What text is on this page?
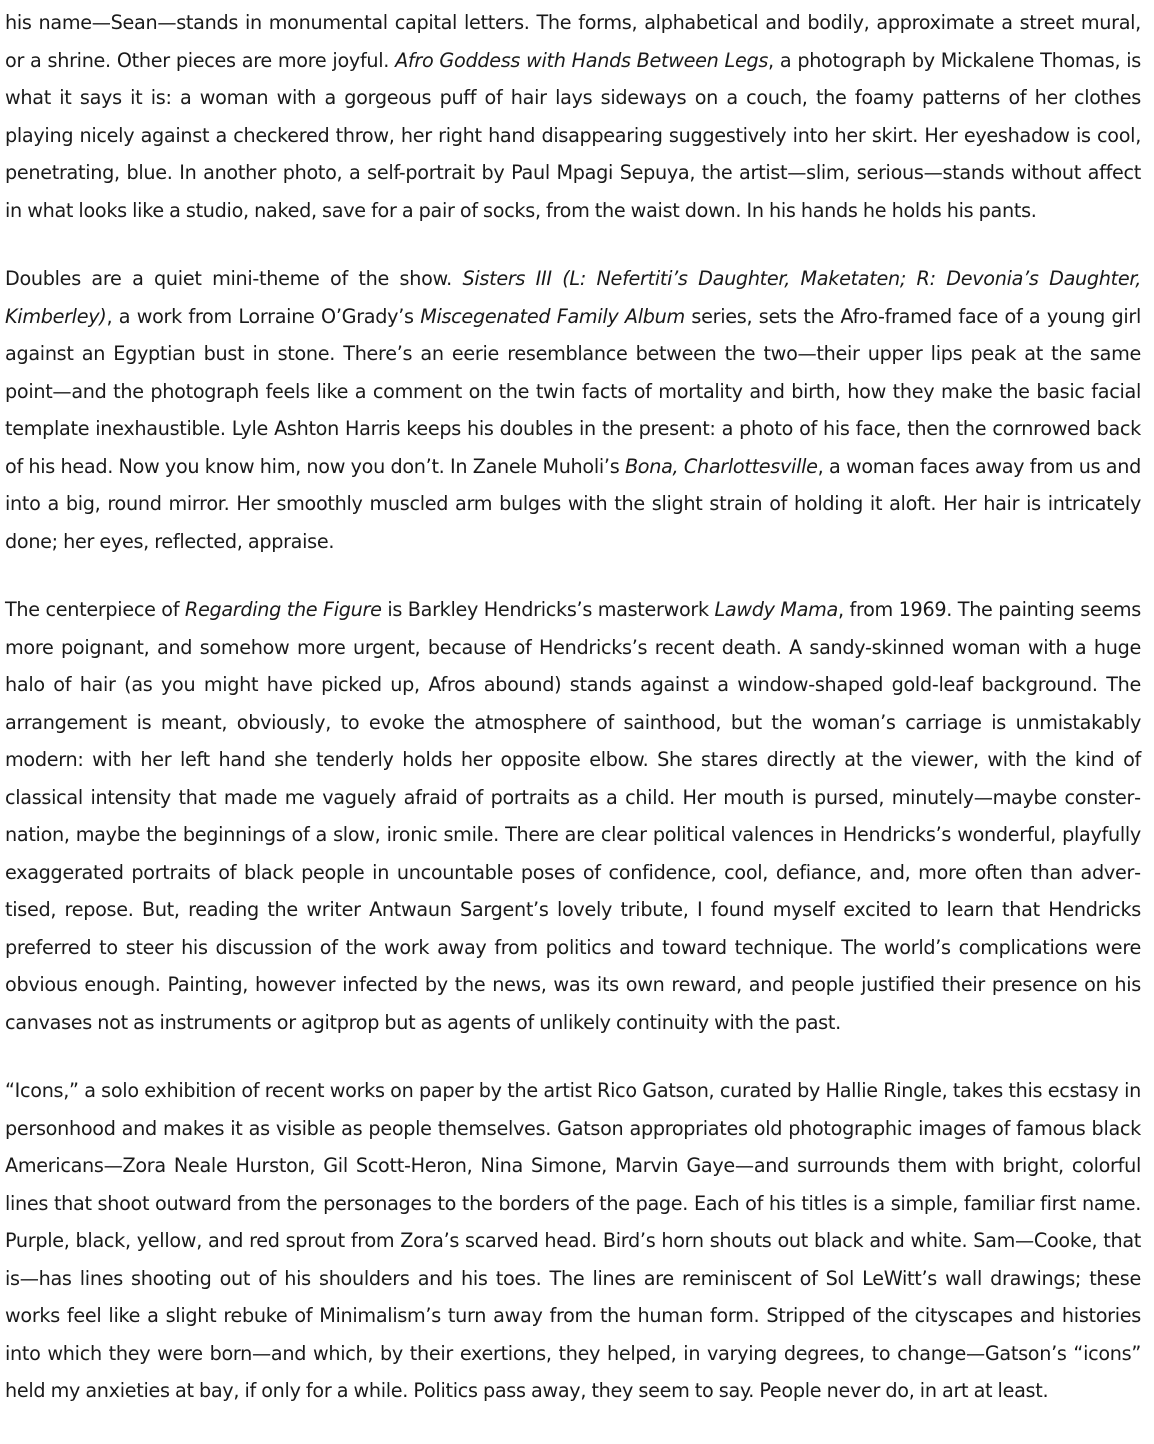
his name—Sean—stands in monumental capital letters. The forms, alphabetical and bodily, approximate a street mural, or a shrine. Other pieces are more joyful. Afro Goddess with Hands Between Legs, a photograph by Mickalene Thomas, is what it says it is: a woman with a gorgeous puff of hair lays sideways on a couch, the foamy patterns of her clothes playing nicely against a checkered throw, her right hand disappearing suggestively into her skirt. Her eyeshadow is cool, penetrating, blue. In another photo, a self-portrait by Paul Mpagi Sepuya, the artist—slim, serious—stands without affect in what looks like a studio, naked, save for a pair of socks, from the waist down. In his hands he holds his pants.

Doubles are a quiet mini-theme of the show. Sisters III (L: Nefertiti’s Daughter, Maketaten; R: Devonia’s Daughter, Kimberley), a work from Lorraine O’Grady’s Miscegenated Family Album series, sets the Afro-framed face of a young girl against an Egyptian bust in stone. There’s an eerie resemblance between the two—their upper lips peak at the same point—and the photograph feels like a comment on the twin facts of mortality and birth, how they make the basic facial template inexhaustible. Lyle Ashton Harris keeps his doubles in the present: a photo of his face, then the cornrowed back of his head. Now you know him, now you don’t. In Zanele Muholi’s Bona, Charlottesville, a woman faces away from us and into a big, round mirror. Her smoothly muscled arm bulges with the slight strain of holding it aloft. Her hair is intricately done; her eyes, reflected, appraise.

The centerpiece of Regarding the Figure is Barkley Hendricks’s masterwork Lawdy Mama, from 1969. The painting seems more poignant, and somehow more urgent, because of Hendricks’s recent death. A sandy-skinned woman with a huge halo of hair (as you might have picked up, Afros abound) stands against a window-shaped gold-leaf background. The arrangement is meant, obviously, to evoke the atmosphere of sainthood, but the woman’s carriage is unmistakably modern: with her left hand she tenderly holds her opposite elbow. She stares directly at the viewer, with the kind of classical intensity that made me vaguely afraid of portraits as a child. Her mouth is pursed, minutely—maybe consternation, maybe the beginnings of a slow, ironic smile. There are clear political valences in Hendricks’s wonderful, playfully exaggerated portraits of black people in uncountable poses of confidence, cool, defiance, and, more often than advertised, repose. But, reading the writer Antwaun Sargent’s lovely tribute, I found myself excited to learn that Hendricks preferred to steer his discussion of the work away from politics and toward technique. The world’s complications were obvious enough. Painting, however infected by the news, was its own reward, and people justified their presence on his canvases not as instruments or agitprop but as agents of unlikely continuity with the past.

“Icons,” a solo exhibition of recent works on paper by the artist Rico Gatson, curated by Hallie Ringle, takes this ecstasy in personhood and makes it as visible as people themselves. Gatson appropriates old photographic images of famous black Americans—Zora Neale Hurston, Gil Scott-Heron, Nina Simone, Marvin Gaye—and surrounds them with bright, colorful lines that shoot outward from the personages to the borders of the page. Each of his titles is a simple, familiar first name. Purple, black, yellow, and red sprout from Zora’s scarved head. Bird’s horn shouts out black and white. Sam—Cooke, that is—has lines shooting out of his shoulders and his toes. The lines are reminiscent of Sol LeWitt’s wall drawings; these works feel like a slight rebuke of Minimalism’s turn away from the human form. Stripped of the cityscapes and histories into which they were born—and which, by their exertions, they helped, in varying degrees, to change—Gatson’s “icons” held my anxieties at bay, if only for a while. Politics pass away, they seem to say. People never do, in art at least.
